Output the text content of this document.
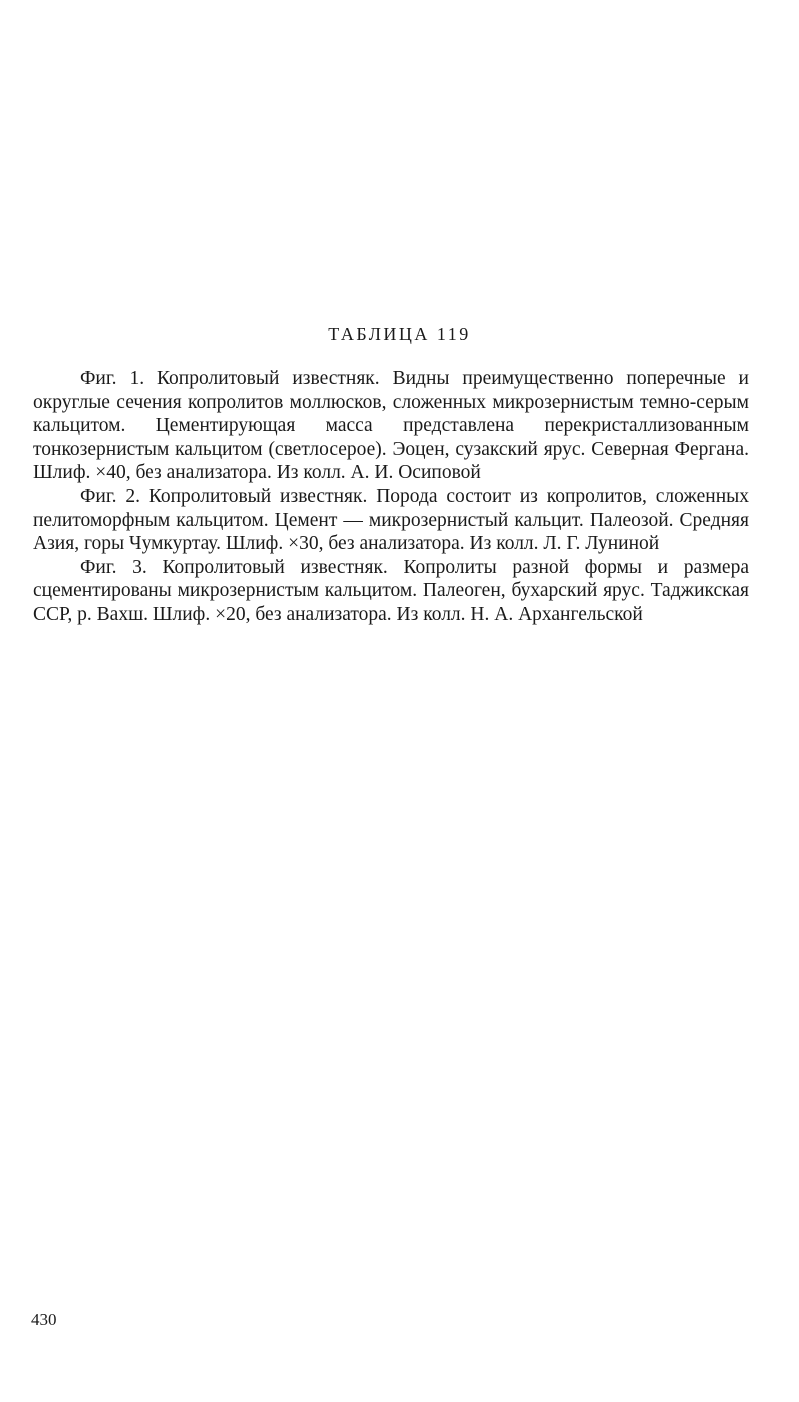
ТАБЛИЦА 119

Фиг. 1. Копролитовый известняк. Видны преимущественно поперечные и округлые сечения копролитов моллюсков, сложенных микрозернистым темно-серым кальцитом. Цементирующая масса представлена перекристаллизованным тонкозернистым кальцитом (светлосерое). Эоцен, сузакский ярус. Северная Фергана. Шлиф. ×40, без анализатора. Из колл. А. И. Осиповой

Фиг. 2. Копролитовый известняк. Порода состоит из копролитов, сложенных пелитоморфным кальцитом. Цемент — микрозернистый кальцит. Палеозой. Средняя Азия, горы Чумкуртау. Шлиф. ×30, без анализатора. Из колл. Л. Г. Луниной

Фиг. 3. Копролитовый известняк. Копролиты разной формы и размера сцементированы микрозернистым кальцитом. Палеоген, бухарский ярус. Таджикская ССР, р. Вахш. Шлиф. ×20, без анализатора. Из колл. Н. А. Архангельской

430
